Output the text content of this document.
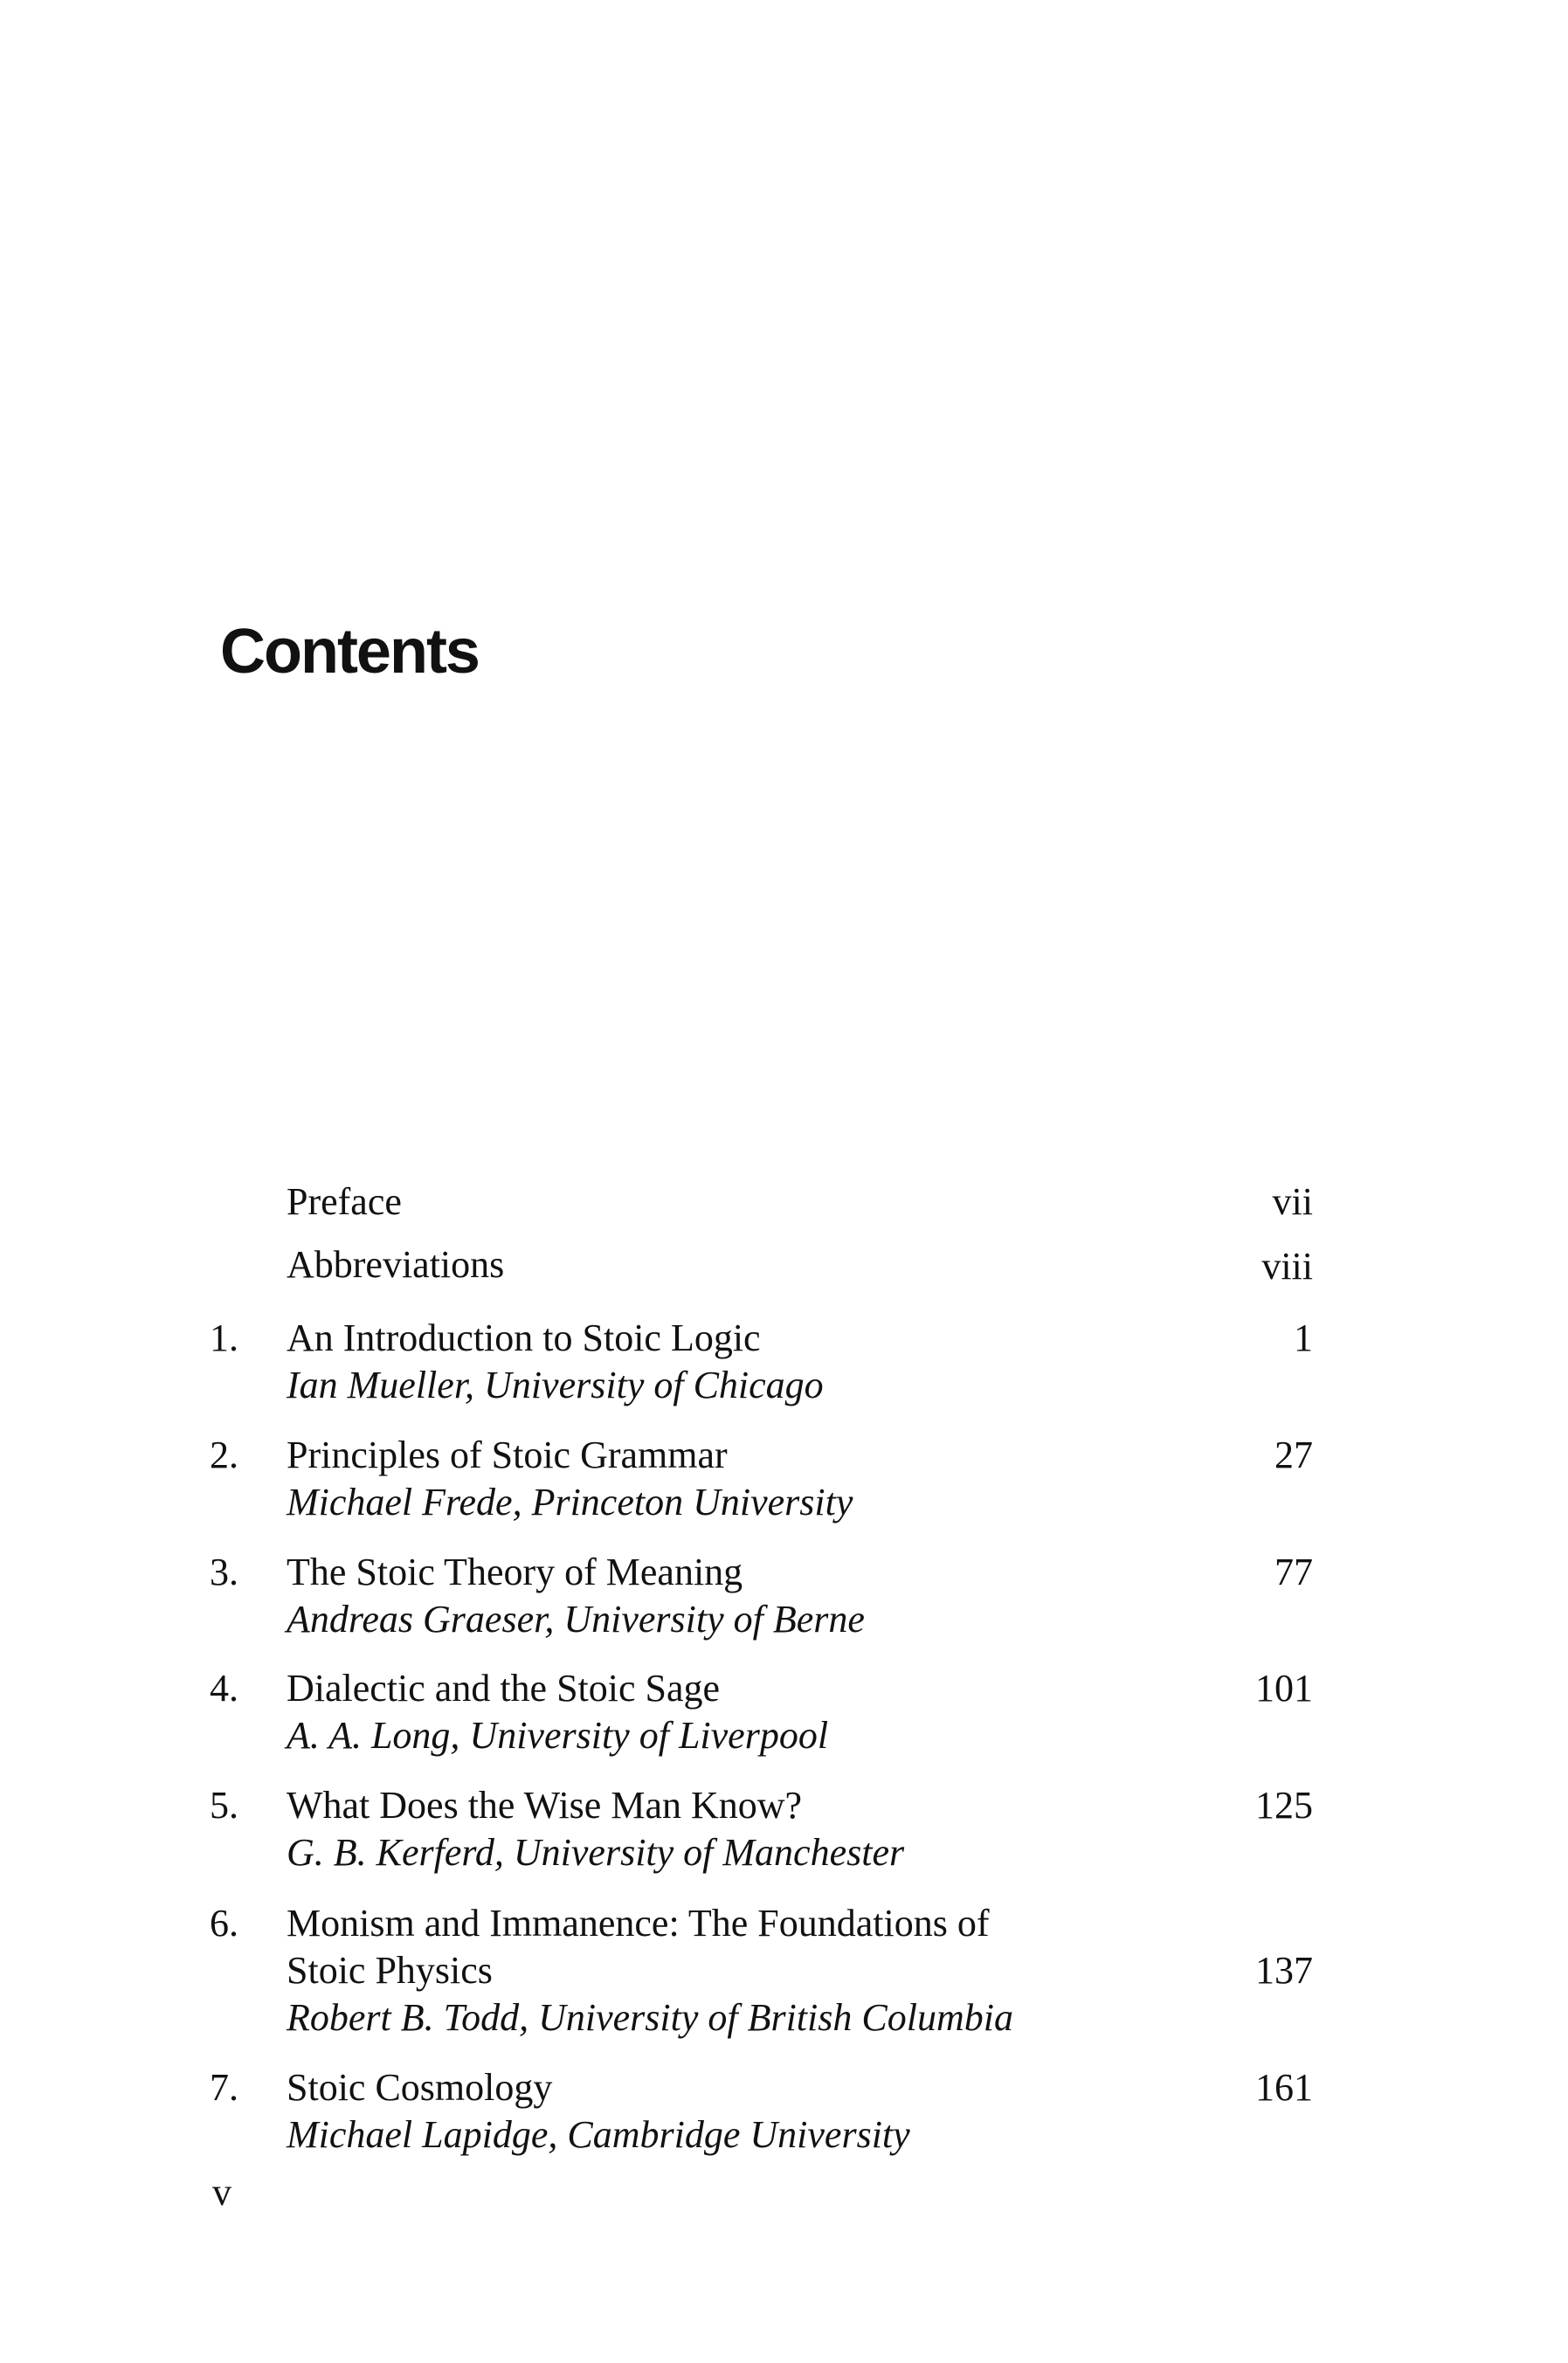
Contents
Preface	vii
Abbreviations	viii
1. An Introduction to Stoic Logic	1
Ian Mueller, University of Chicago
2. Principles of Stoic Grammar	27
Michael Frede, Princeton University
3. The Stoic Theory of Meaning	77
Andreas Graeser, University of Berne
4. Dialectic and the Stoic Sage	101
A. A. Long, University of Liverpool
5. What Does the Wise Man Know?	125
G. B. Kerferd, University of Manchester
6. Monism and Immanence: The Foundations of
Stoic Physics	137
Robert B. Todd, University of British Columbia
7. Stoic Cosmology	161
Michael Lapidge, Cambridge University
v
